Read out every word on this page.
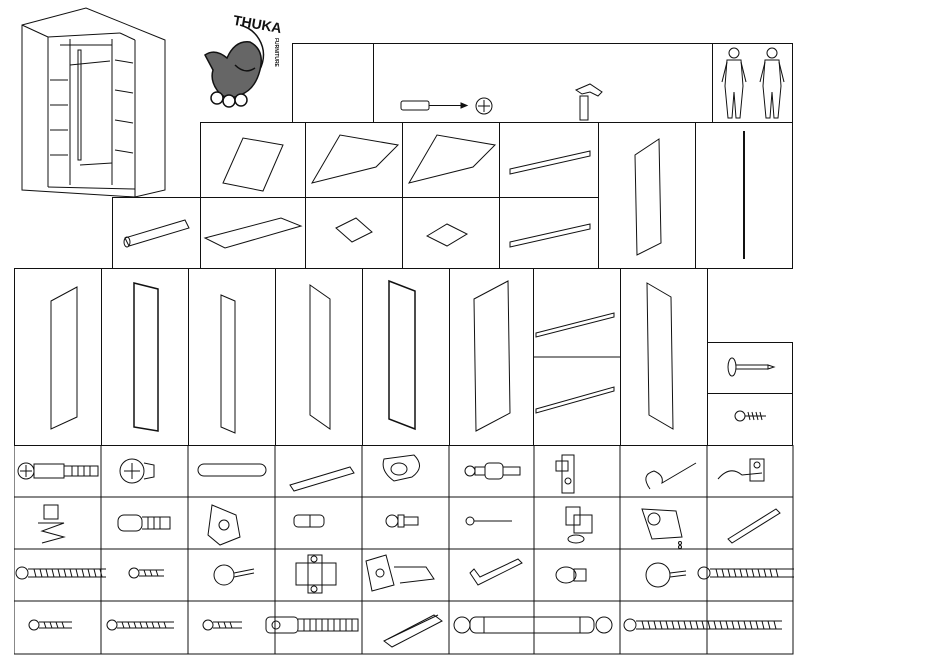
THUKA
FURNITURE
